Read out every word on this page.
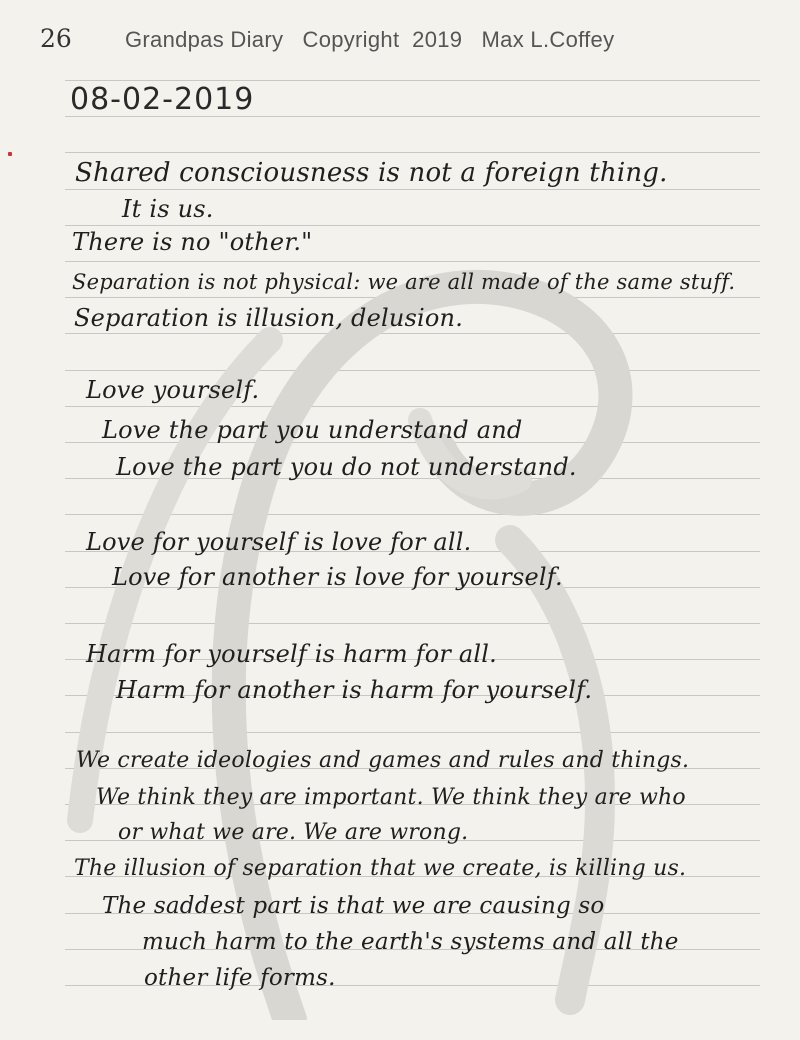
26 Grandpas Diary   Copyright  2019   Max L.Coffey
08-02-2019
Shared consciousness is not a foreign thing.
It is us.
There is no "other."
Separation is not physical: we are all made of the same stuff.
Separation is illusion, delusion.
Love yourself.
Love the part you understand and
Love the part you do not understand.
Love for yourself is love for all.
Love for another is love for yourself.
Harm for yourself is harm for all.
Harm for another is harm for yourself.
We create ideologies and games and rules and things.
We think they are important. We think they are who
or what we are. We are wrong.
The illusion of separation that we create, is killing us.
The saddest part is that we are causing so
much harm to the earth's systems and all the
other life forms.
